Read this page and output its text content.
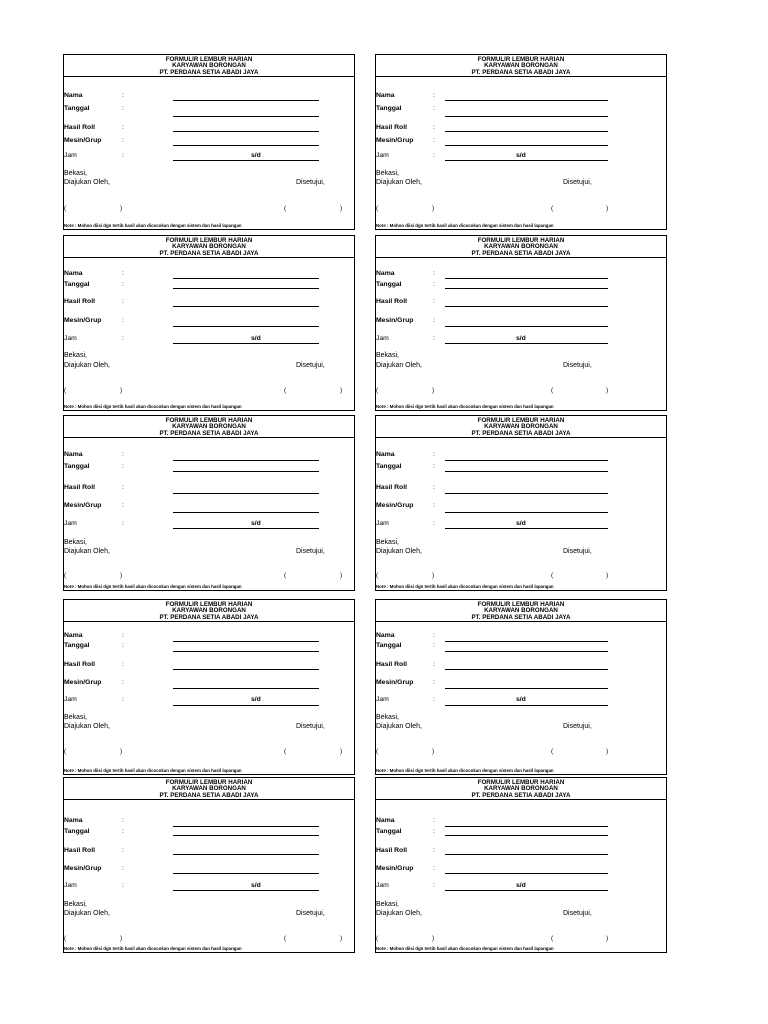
FORMULIR LEMBUR HARIAN
KARYAWAN BORONGAN
PT. PERDANA SETIA ABADI JAYA
Nama	:
Tanggal	:
Hasil Roll	:
Mesin/Grup	:
Jam	:	s/d
Bekasi,
Diajukan Oleh,	Disetujui,
(	)	(	)
Note : Mohon diisi dgn tertib hasil akan dicocokan dengan sistem dan hasil lapangan
FORMULIR LEMBUR HARIAN
KARYAWAN BORONGAN
PT. PERDANA SETIA ABADI JAYA
Nama	:
Tanggal	:
Hasil Roll	:
Mesin/Grup	:
Jam	:	s/d
Bekasi,
Diajukan Oleh,	Disetujui,
(	)	(	)
Note : Mohon diisi dgn tertib hasil akan dicocokan dengan sistem dan hasil lapangan
FORMULIR LEMBUR HARIAN
KARYAWAN BORONGAN
PT. PERDANA SETIA ABADI JAYA
Nama	:
Tanggal	:
Hasil Roll	:
Mesin/Grup	:
Jam	:	s/d
Bekasi,
Diajukan Oleh,	Disetujui,
(	)	(	)
Note : Mohon diisi dgn tertib hasil akan dicocokan dengan sistem dan hasil lapangan
FORMULIR LEMBUR HARIAN
KARYAWAN BORONGAN
PT. PERDANA SETIA ABADI JAYA
Nama	:
Tanggal	:
Hasil Roll	:
Mesin/Grup	:
Jam	:	s/d
Bekasi,
Diajukan Oleh,	Disetujui,
(	)	(	)
Note : Mohon diisi dgn tertib hasil akan dicocokan dengan sistem dan hasil lapangan
FORMULIR LEMBUR HARIAN
KARYAWAN BORONGAN
PT. PERDANA SETIA ABADI JAYA
Nama	:
Tanggal	:
Hasil Roll	:
Mesin/Grup	:
Jam	:	s/d
Bekasi,
Diajukan Oleh,	Disetujui,
(	)	(	)
Note : Mohon diisi dgn tertib hasil akan dicocokan dengan sistem dan hasil lapangan
FORMULIR LEMBUR HARIAN
KARYAWAN BORONGAN
PT. PERDANA SETIA ABADI JAYA
Nama	:
Tanggal	:
Hasil Roll	:
Mesin/Grup	:
Jam	:	s/d
Bekasi,
Diajukan Oleh,	Disetujui,
(	)	(	)
Note : Mohon diisi dgn tertib hasil akan dicocokan dengan sistem dan hasil lapangan
FORMULIR LEMBUR HARIAN
KARYAWAN BORONGAN
PT. PERDANA SETIA ABADI JAYA
Nama	:
Tanggal	:
Hasil Roll	:
Mesin/Grup	:
Jam	:	s/d
Bekasi,
Diajukan Oleh,	Disetujui,
(	)	(	)
Note : Mohon diisi dgn tertib hasil akan dicocokan dengan sistem dan hasil lapangan
FORMULIR LEMBUR HARIAN
KARYAWAN BORONGAN
PT. PERDANA SETIA ABADI JAYA
Nama	:
Tanggal	:
Hasil Roll	:
Mesin/Grup	:
Jam	:	s/d
Bekasi,
Diajukan Oleh,	Disetujui,
(	)	(	)
Note : Mohon diisi dgn tertib hasil akan dicocokan dengan sistem dan hasil lapangan
FORMULIR LEMBUR HARIAN
KARYAWAN BORONGAN
PT. PERDANA SETIA ABADI JAYA
Nama	:
Tanggal	:
Hasil Roll	:
Mesin/Grup	:
Jam	:	s/d
Bekasi,
Diajukan Oleh,	Disetujui,
(	)	(	)
Note : Mohon diisi dgn tertib hasil akan dicocokan dengan sistem dan hasil lapangan
FORMULIR LEMBUR HARIAN
KARYAWAN BORONGAN
PT. PERDANA SETIA ABADI JAYA
Nama	:
Tanggal	:
Hasil Roll	:
Mesin/Grup	:
Jam	:	s/d
Bekasi,
Diajukan Oleh,	Disetujui,
(	)	(	)
Note : Mohon diisi dgn tertib hasil akan dicocokan dengan sistem dan hasil lapangan
